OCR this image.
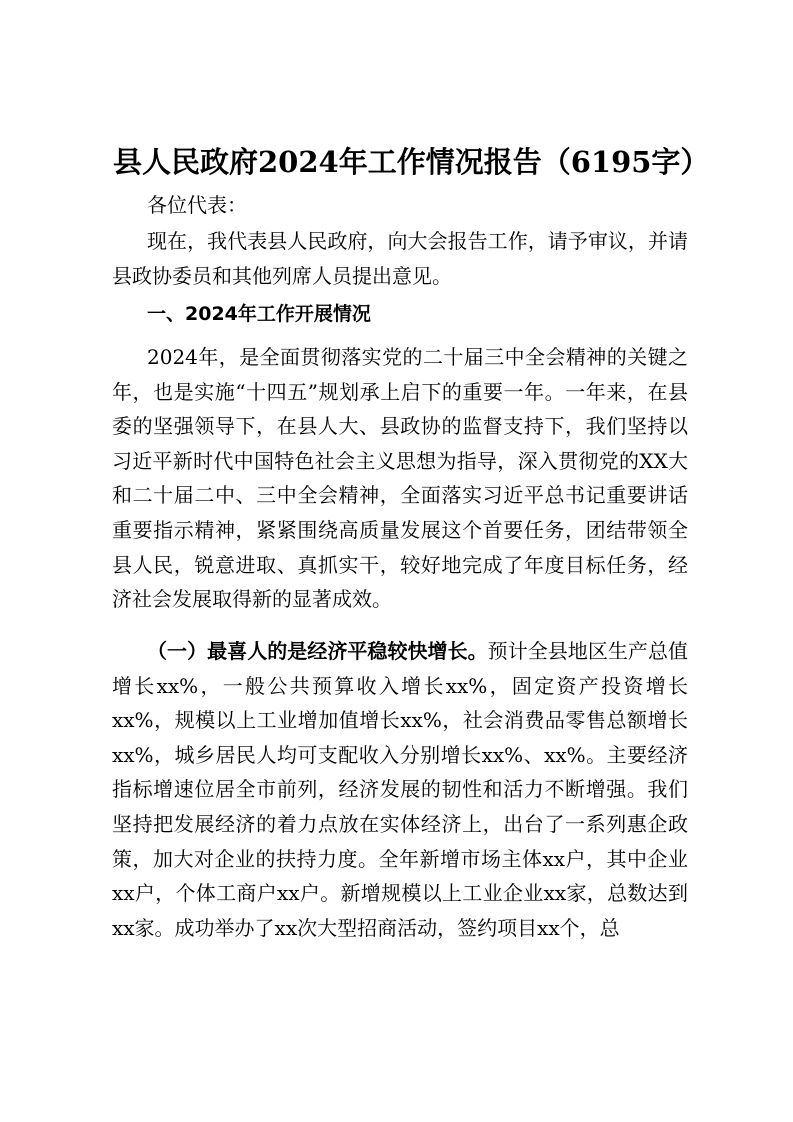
县人民政府2024年工作情况报告（6195字）
各位代表：
现在，我代表县人民政府，向大会报告工作，请予审议，并请县政协委员和其他列席人员提出意见。
一、2024年工作开展情况
2024年，是全面贯彻落实党的二十届三中全会精神的关键之年，也是实施“十四五”规划承上启下的重要一年。一年来，在县委的坚强领导下，在县人大、县政协的监督支持下，我们坚持以习近平新时代中国特色社会主义思想为指导，深入贯彻党的XX大和二十届二中、三中全会精神，全面落实习近平总书记重要讲话重要指示精神，紧紧围绕高质量发展这个首要任务，团结带领全县人民，锐意进取、真抓实干，较好地完成了年度目标任务，经济社会发展取得新的显著成效。
（一）最喜人的是经济平稳较快增长。预计全县地区生产总值增长xx%，一般公共预算收入增长xx%，固定资产投资增长xx%，规模以上工业增加值增长xx%，社会消费品零售总额增长xx%，城乡居民人均可支配收入分别增长xx%、xx%。主要经济指标增速位居全市前列，经济发展的韧性和活力不断增强。我们坚持把发展经济的着力点放在实体经济上，出台了一系列惠企政策，加大对企业的扶持力度。全年新增市场主体xx户，其中企业xx户，个体工商户xx户。新增规模以上工业企业xx家，总数达到xx家。成功举办了xx次大型招商活动，签约项目xx个，总
